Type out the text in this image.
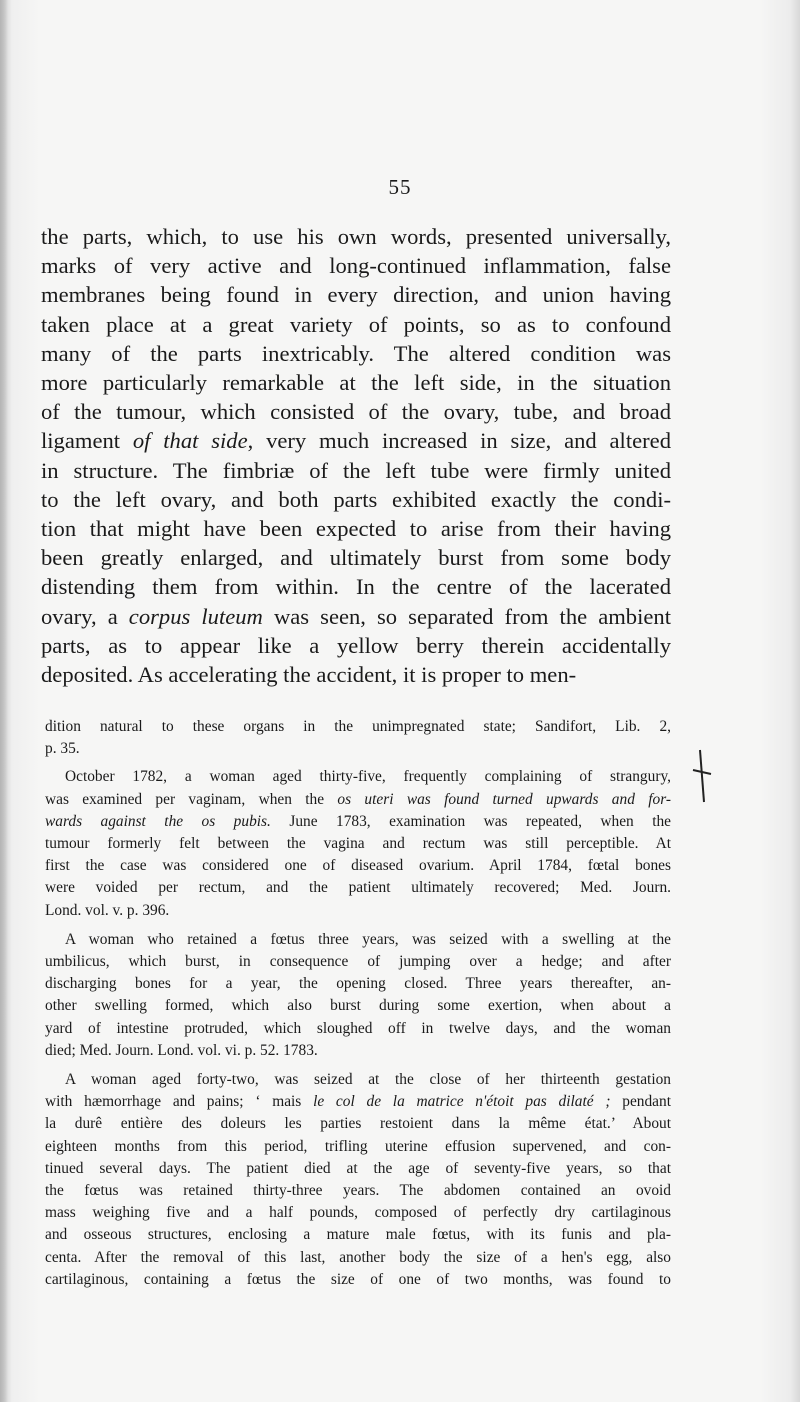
55
the parts, which, to use his own words, presented universally,
marks of very active and long-continued inflammation, false
membranes being found in every direction, and union having
taken place at a great variety of points, so as to confound
many of the parts inextricably. The altered condition was
more particularly remarkable at the left side, in the situation
of the tumour, which consisted of the ovary, tube, and broad
ligament of that side, very much increased in size, and altered
in structure. The fimbriæ of the left tube were firmly united
to the left ovary, and both parts exhibited exactly the condi-
tion that might have been expected to arise from their having
been greatly enlarged, and ultimately burst from some body
distending them from within. In the centre of the lacerated
ovary, a corpus luteum was seen, so separated from the ambient
parts, as to appear like a yellow berry therein accidentally
deposited. As accelerating the accident, it is proper to men-
dition natural to these organs in the unimpregnated state; Sandifort, Lib. 2,
p. 35.
October 1782, a woman aged thirty-five, frequently complaining of strangury,
was examined per vaginam, when the os uteri was found turned upwards and for-
wards against the os pubis. June 1783, examination was repeated, when the
tumour formerly felt between the vagina and rectum was still perceptible. At
first the case was considered one of diseased ovarium. April 1784, fœtal bones
were voided per rectum, and the patient ultimately recovered; Med. Journ.
Lond. vol. v. p. 396.
A woman who retained a fœtus three years, was seized with a swelling at the
umbilicus, which burst, in consequence of jumping over a hedge; and after
discharging bones for a year, the opening closed. Three years thereafter, an-
other swelling formed, which also burst during some exertion, when about a
yard of intestine protruded, which sloughed off in twelve days, and the woman
died; Med. Journ. Lond. vol. vi. p. 52. 1783.
A woman aged forty-two, was seized at the close of her thirteenth gestation
with hæmorrhage and pains; ‘ mais le col de la matrice n'étoit pas dilaté ; pendant
la durê entière des doleurs les parties restoient dans la même état.’ About
eighteen months from this period, trifling uterine effusion supervened, and con-
tinued several days. The patient died at the age of seventy-five years, so that
the fœtus was retained thirty-three years. The abdomen contained an ovoid
mass weighing five and a half pounds, composed of perfectly dry cartilaginous
and osseous structures, enclosing a mature male fœtus, with its funis and pla-
centa. After the removal of this last, another body the size of a hen's egg, also
cartilaginous, containing a fœtus the size of one of two months, was found to
